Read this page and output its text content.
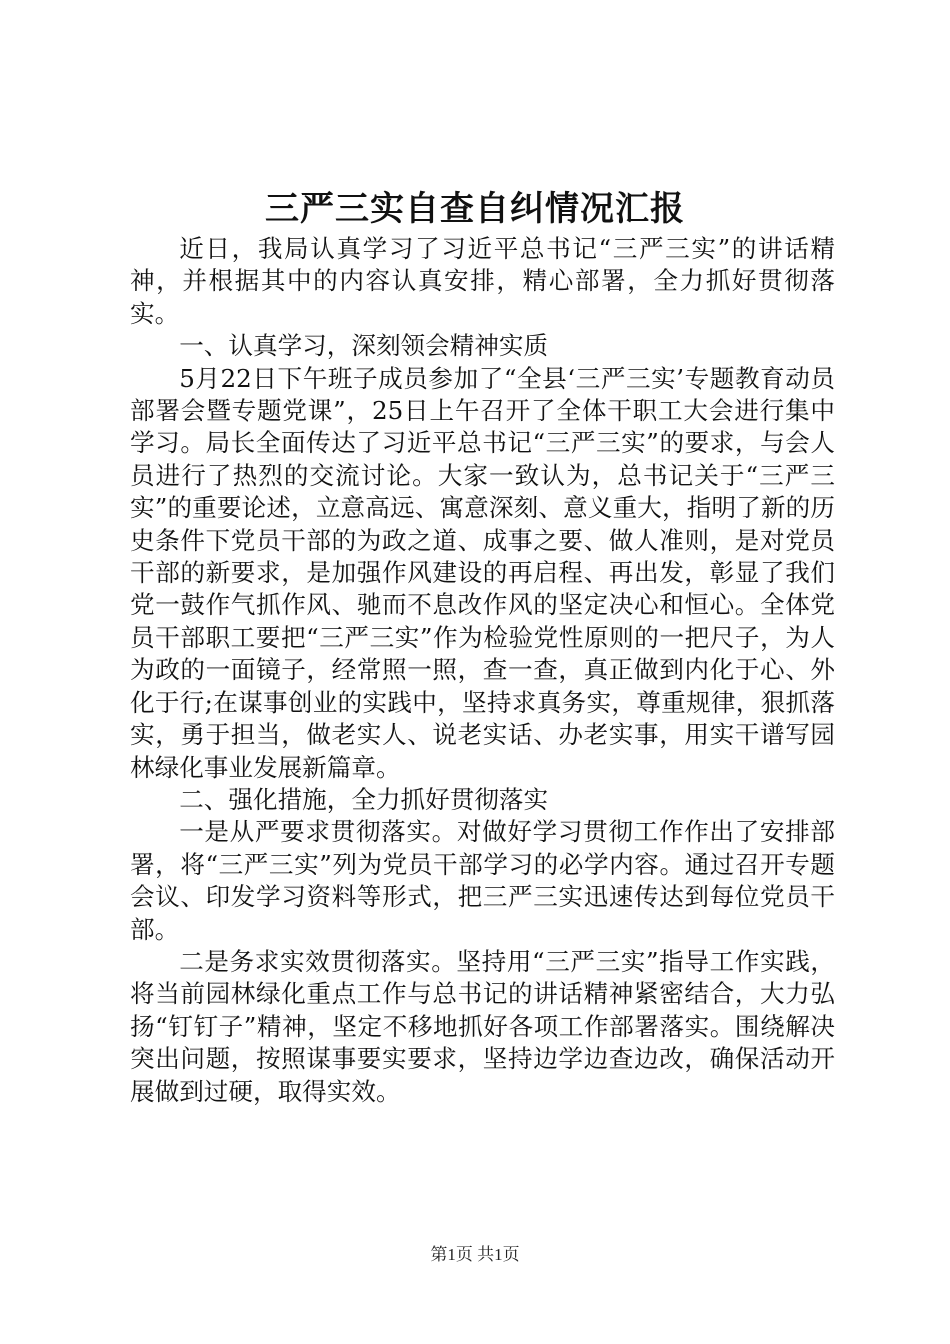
三严三实自查自纠情况汇报

近日，我局认真学习了习近平总书记“三严三实”的讲话精神，并根据其中的内容认真安排，精心部署，全力抓好贯彻落实。

一、认真学习，深刻领会精神实质

5月22日下午班子成员参加了“全县‘三严三实’专题教育动员部署会暨专题党课”，25日上午召开了全体干职工大会进行集中学习。局长全面传达了习近平总书记“三严三实”的要求，与会人员进行了热烈的交流讨论。大家一致认为，总书记关于“三严三实”的重要论述，立意高远、寓意深刻、意义重大，指明了新的历史条件下党员干部的为政之道、成事之要、做人准则，是对党员干部的新要求，是加强作风建设的再启程、再出发，彰显了我们党一鼓作气抓作风、驰而不息改作风的坚定决心和恒心。全体党员干部职工要把“三严三实”作为检验党性原则的一把尺子，为人为政的一面镜子，经常照一照，查一查，真正做到内化于心、外化于行;在谋事创业的实践中，坚持求真务实，尊重规律，狠抓落实，勇于担当，做老实人、说老实话、办老实事，用实干谱写园林绿化事业发展新篇章。

二、强化措施，全力抓好贯彻落实

一是从严要求贯彻落实。对做好学习贯彻工作作出了安排部署，将“三严三实”列为党员干部学习的必学内容。通过召开专题会议、印发学习资料等形式，把三严三实迅速传达到每位党员干部。

二是务求实效贯彻落实。坚持用“三严三实”指导工作实践，将当前园林绿化重点工作与总书记的讲话精神紧密结合，大力弘扬“钉钉子”精神，坚定不移地抓好各项工作部署落实。围绕解决突出问题，按照谋事要实要求，坚持边学边查边改，确保活动开展做到过硬，取得实效。

第1页 共1页
